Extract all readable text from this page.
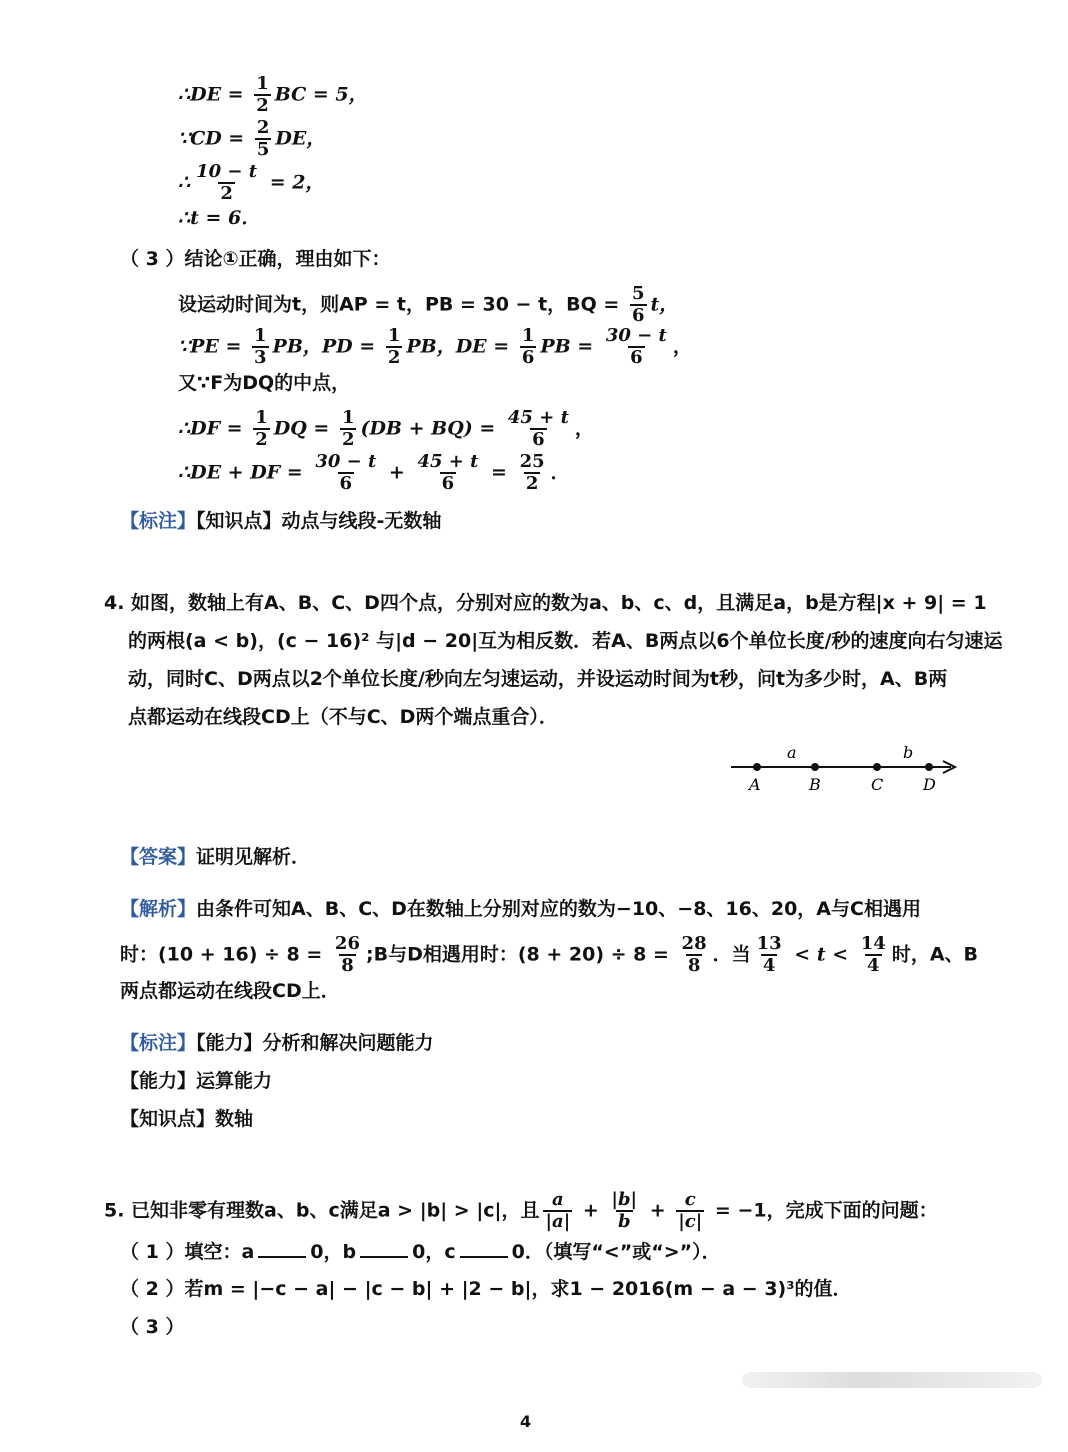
∴DE = $\frac{1}{2}$ BC = 5，
∵CD = $\frac{2}{5}$ DE，
∴ $\frac{10 - t}{2} = 2$，
∴t = 6．
（ 3 ）结论①正确，理由如下：
设运动时间为t，则AP = t，PB = 30 − t，BQ = $\frac{5}{6}$ t，
∵PE = $\frac{1}{3}$ PB，PD = $\frac{1}{2}$ PB，DE = $\frac{1}{6}$ PB = $\frac{30 - t}{6}$ ，
又∵F为DQ的中点，
∴DF = $\frac{1}{2}$ DQ = $\frac{1}{2} (DB + BQ) = \frac{45 + t}{6}$ ，
∴DE + DF = $\frac{30 - t}{6} + \frac{45 + t}{6} = \frac{25}{2}$ ．
【标注】【知识点】动点与线段-无数轴
4. 如图，数轴上有A、B、C、D四个点，分别对应的数为a、b、c、d，且满足a，b是方程|x + 9| = 1
的两根(a < b)，(c − 16)² 与|d − 20|互为相反数．若A、B两点以6个单位长度/秒的速度向右匀速运
动，同时C、D两点以2个单位长度/秒向左匀速运动，并设运动时间为t秒，问t为多少时，A、B两
点都运动在线段CD上（不与C、D两个端点重合）．
A	B	C D
a	b
【答案】证明见解析．
【解析】由条件可知A、B、C、D在数轴上分别对应的数为−10、−8、16、20，A与C相遇用
时：$(10 + 16) \div 8 = \frac{26}{8}$ ;B与D相遇用时：$(8 + 20) \div 8 = \frac{28}{8}$ ．当 $\frac{13}{4} < t < \frac{14}{4}$ 时，A、B
两点都运动在线段CD上．
【标注】【能力】分析和解决问题能力
【能力】运算能力
【知识点】数轴
5. 已知非零有理数a、b、c满足a > |b| > |c|，且 $\frac{a}{|a|} + \frac{|b|}{b} + \frac{c}{|c|} = -1$，完成下面的问题：
（ 1 ）填空：a	0，b	0，c	0．（填写“<”或“>”）．
（ 2 ）若m = |−c − a| − |c − b| + |2 − b|，求1 − 2016(m − a − 3)³的值．
（ 3 ）
4
